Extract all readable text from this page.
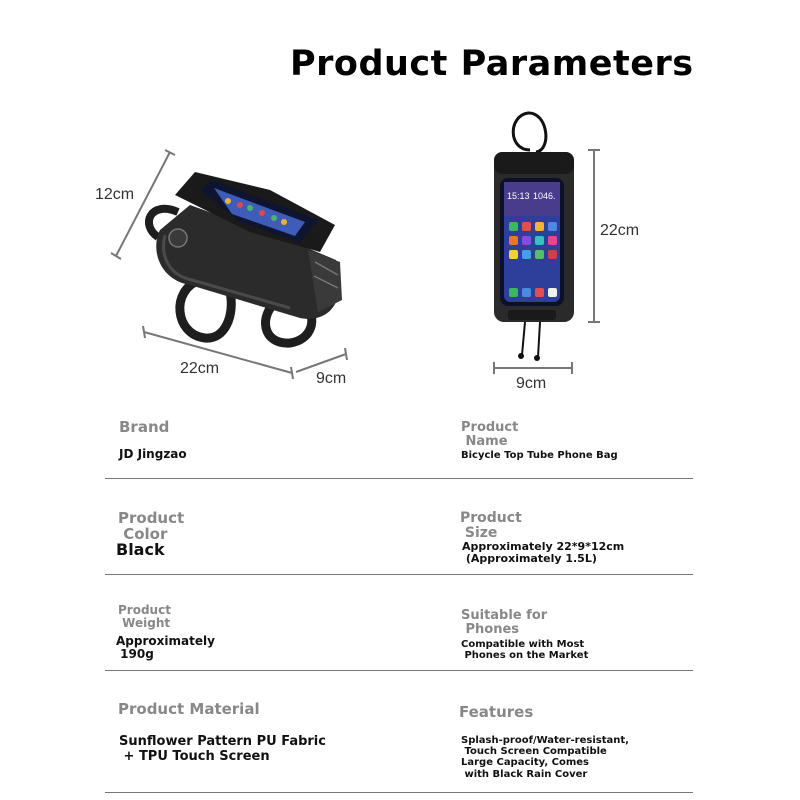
Product Parameters
15:13 1046.
12cm
22cm
9cm
22cm
9cm
Brand
JD Jingzao
Product
Name
Bicycle Top Tube Phone Bag
Product
Color
Black
Product
Size
Approximately 22*9*12cm
(Approximately 1.5L)
Product
Weight
Approximately
190g
Suitable for
Phones
Compatible with Most
Phones on the Market
Product Material
Sunflower Pattern PU Fabric
+ TPU Touch Screen
Features
Splash-proof/Water-resistant,
Touch Screen Compatible
Large Capacity, Comes
with Black Rain Cover
